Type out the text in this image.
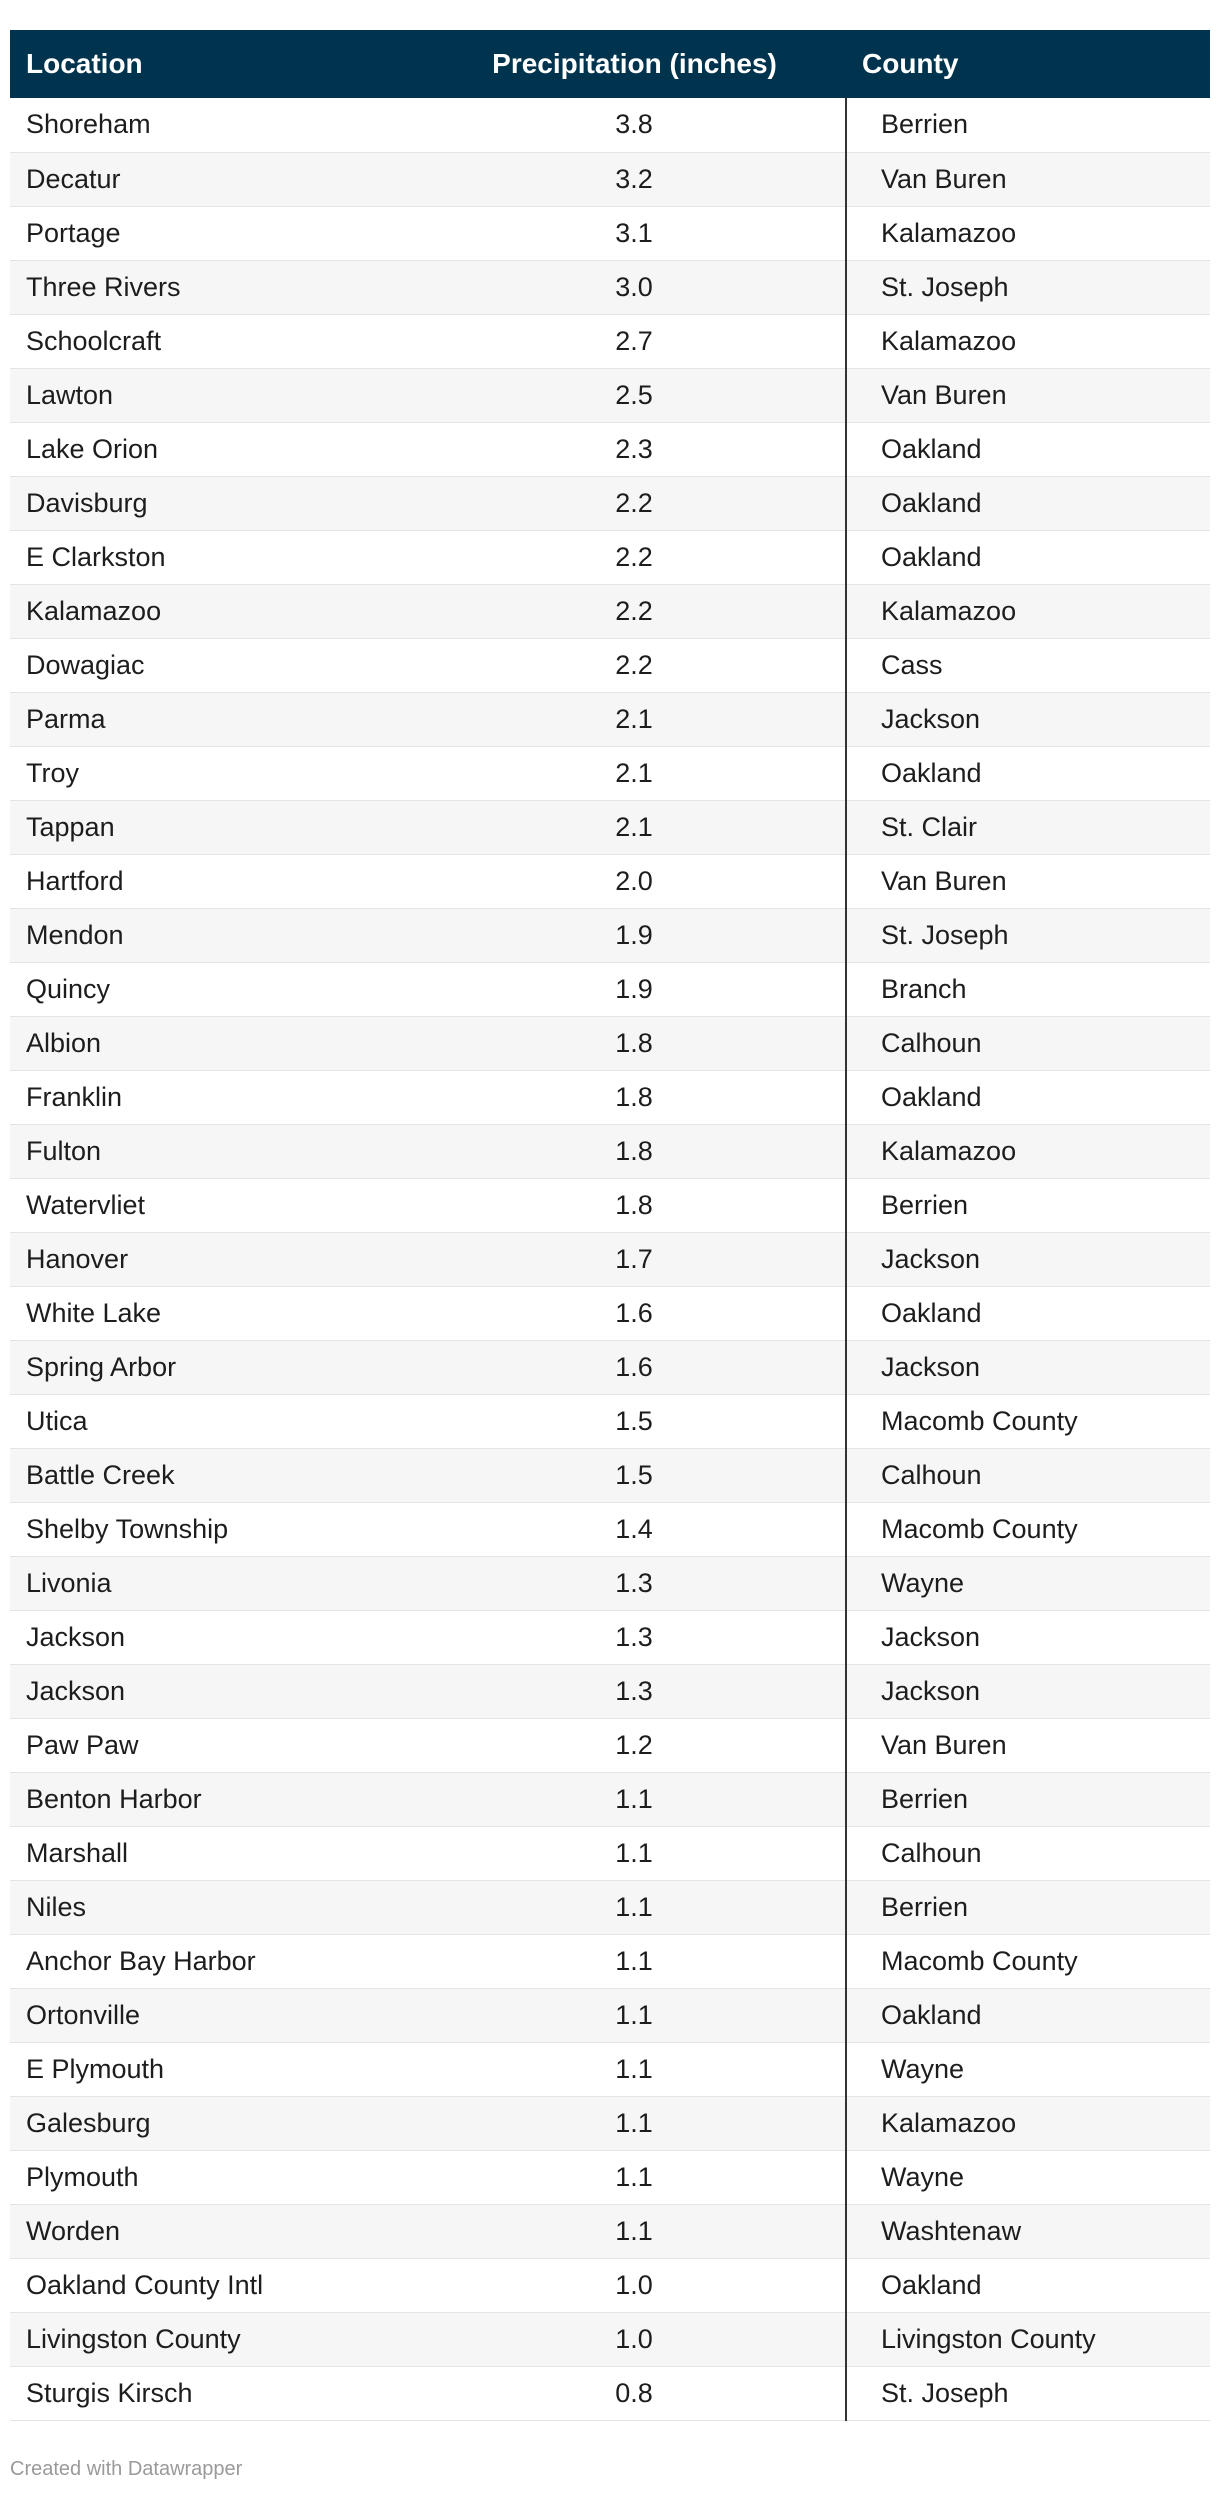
Location	Precipitation (inches)	County
Shoreham	3.8	Berrien
Decatur	3.2	Van Buren
Portage	3.1	Kalamazoo
Three Rivers	3.0	St. Joseph
Schoolcraft	2.7	Kalamazoo
Lawton	2.5	Van Buren
Lake Orion	2.3	Oakland
Davisburg	2.2	Oakland
E Clarkston	2.2	Oakland
Kalamazoo	2.2	Kalamazoo
Dowagiac	2.2	Cass
Parma	2.1	Jackson
Troy	2.1	Oakland
Tappan	2.1	St. Clair
Hartford	2.0	Van Buren
Mendon	1.9	St. Joseph
Quincy	1.9	Branch
Albion	1.8	Calhoun
Franklin	1.8	Oakland
Fulton	1.8	Kalamazoo
Watervliet	1.8	Berrien
Hanover	1.7	Jackson
White Lake	1.6	Oakland
Spring Arbor	1.6	Jackson
Utica	1.5	Macomb County
Battle Creek	1.5	Calhoun
Shelby Township	1.4	Macomb County
Livonia	1.3	Wayne
Jackson	1.3	Jackson
Jackson	1.3	Jackson
Paw Paw	1.2	Van Buren
Benton Harbor	1.1	Berrien
Marshall	1.1	Calhoun
Niles	1.1	Berrien
Anchor Bay Harbor	1.1	Macomb County
Ortonville	1.1	Oakland
E Plymouth	1.1	Wayne
Galesburg	1.1	Kalamazoo
Plymouth	1.1	Wayne
Worden	1.1	Washtenaw
Oakland County Intl	1.0	Oakland
Livingston County	1.0	Livingston County
Sturgis Kirsch	0.8	St. Joseph
Created with Datawrapper
